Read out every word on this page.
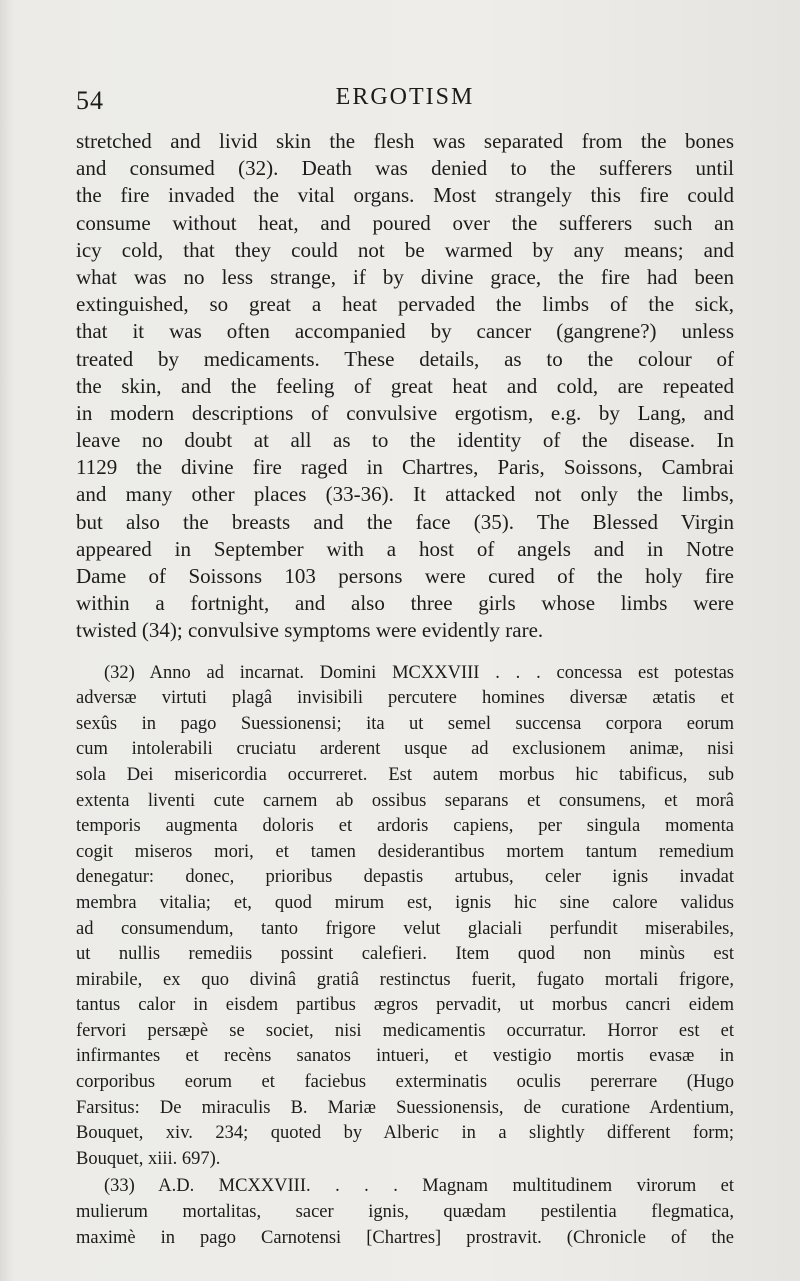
54	ERGOTISM
stretched and livid skin the flesh was separated from the bones
and consumed (32). Death was denied to the sufferers until
the fire invaded the vital organs. Most strangely this fire could
consume without heat, and poured over the sufferers such an
icy cold, that they could not be warmed by any means; and
what was no less strange, if by divine grace, the fire had been
extinguished, so great a heat pervaded the limbs of the sick,
that it was often accompanied by cancer (gangrene?) unless
treated by medicaments. These details, as to the colour of
the skin, and the feeling of great heat and cold, are repeated
in modern descriptions of convulsive ergotism, e.g. by Lang, and
leave no doubt at all as to the identity of the disease. In
1129 the divine fire raged in Chartres, Paris, Soissons, Cambrai
and many other places (33-36). It attacked not only the limbs,
but also the breasts and the face (35). The Blessed Virgin
appeared in September with a host of angels and in Notre
Dame of Soissons 103 persons were cured of the holy fire
within a fortnight, and also three girls whose limbs were
twisted (34); convulsive symptoms were evidently rare.
(32) Anno ad incarnat. Domini MCXXVIII . . . concessa est potestas
adversæ virtuti plagâ invisibili percutere homines diversæ ætatis et
sexûs in pago Suessionensi; ita ut semel succensa corpora eorum
cum intolerabili cruciatu arderent usque ad exclusionem animæ, nisi
sola Dei misericordia occurreret. Est autem morbus hic tabificus, sub
extenta liventi cute carnem ab ossibus separans et consumens, et morâ
temporis augmenta doloris et ardoris capiens, per singula momenta
cogit miseros mori, et tamen desiderantibus mortem tantum remedium
denegatur: donec, prioribus depastis artubus, celer ignis invadat
membra vitalia; et, quod mirum est, ignis hic sine calore validus
ad consumendum, tanto frigore velut glaciali perfundit miserabiles,
ut nullis remediis possint calefieri. Item quod non minùs est
mirabile, ex quo divinâ gratiâ restinctus fuerit, fugato mortali frigore,
tantus calor in eisdem partibus ægros pervadit, ut morbus cancri eidem
fervori persæpè se societ, nisi medicamentis occurratur. Horror est et
infirmantes et recèns sanatos intueri, et vestigio mortis evasæ in
corporibus eorum et faciebus exterminatis oculis pererrare (Hugo
Farsitus: De miraculis B. Mariæ Suessionensis, de curatione Ardentium,
Bouquet, xiv. 234; quoted by Alberic in a slightly different form;
Bouquet, xiii. 697).
(33) A.D. MCXXVIII. . . . Magnam multitudinem virorum et
mulierum mortalitas, sacer ignis, quædam pestilentia flegmatica,
maximè in pago Carnotensi [Chartres] prostravit. (Chronicle of the
